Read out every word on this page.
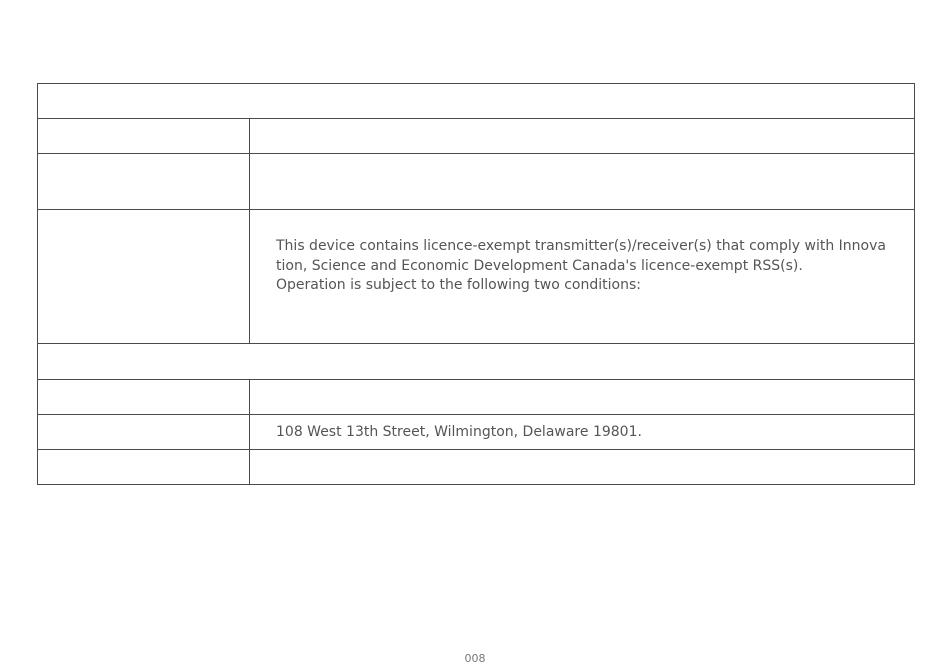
	This device contains licence-exempt transmitter(s)/receiver(s) that comply with Innova
tion, Science and Economic Development Canada's licence-exempt RSS(s).
Operation is subject to the following two conditions:

	108 West 13th Street, Wilmington, Delaware 19801.

008
